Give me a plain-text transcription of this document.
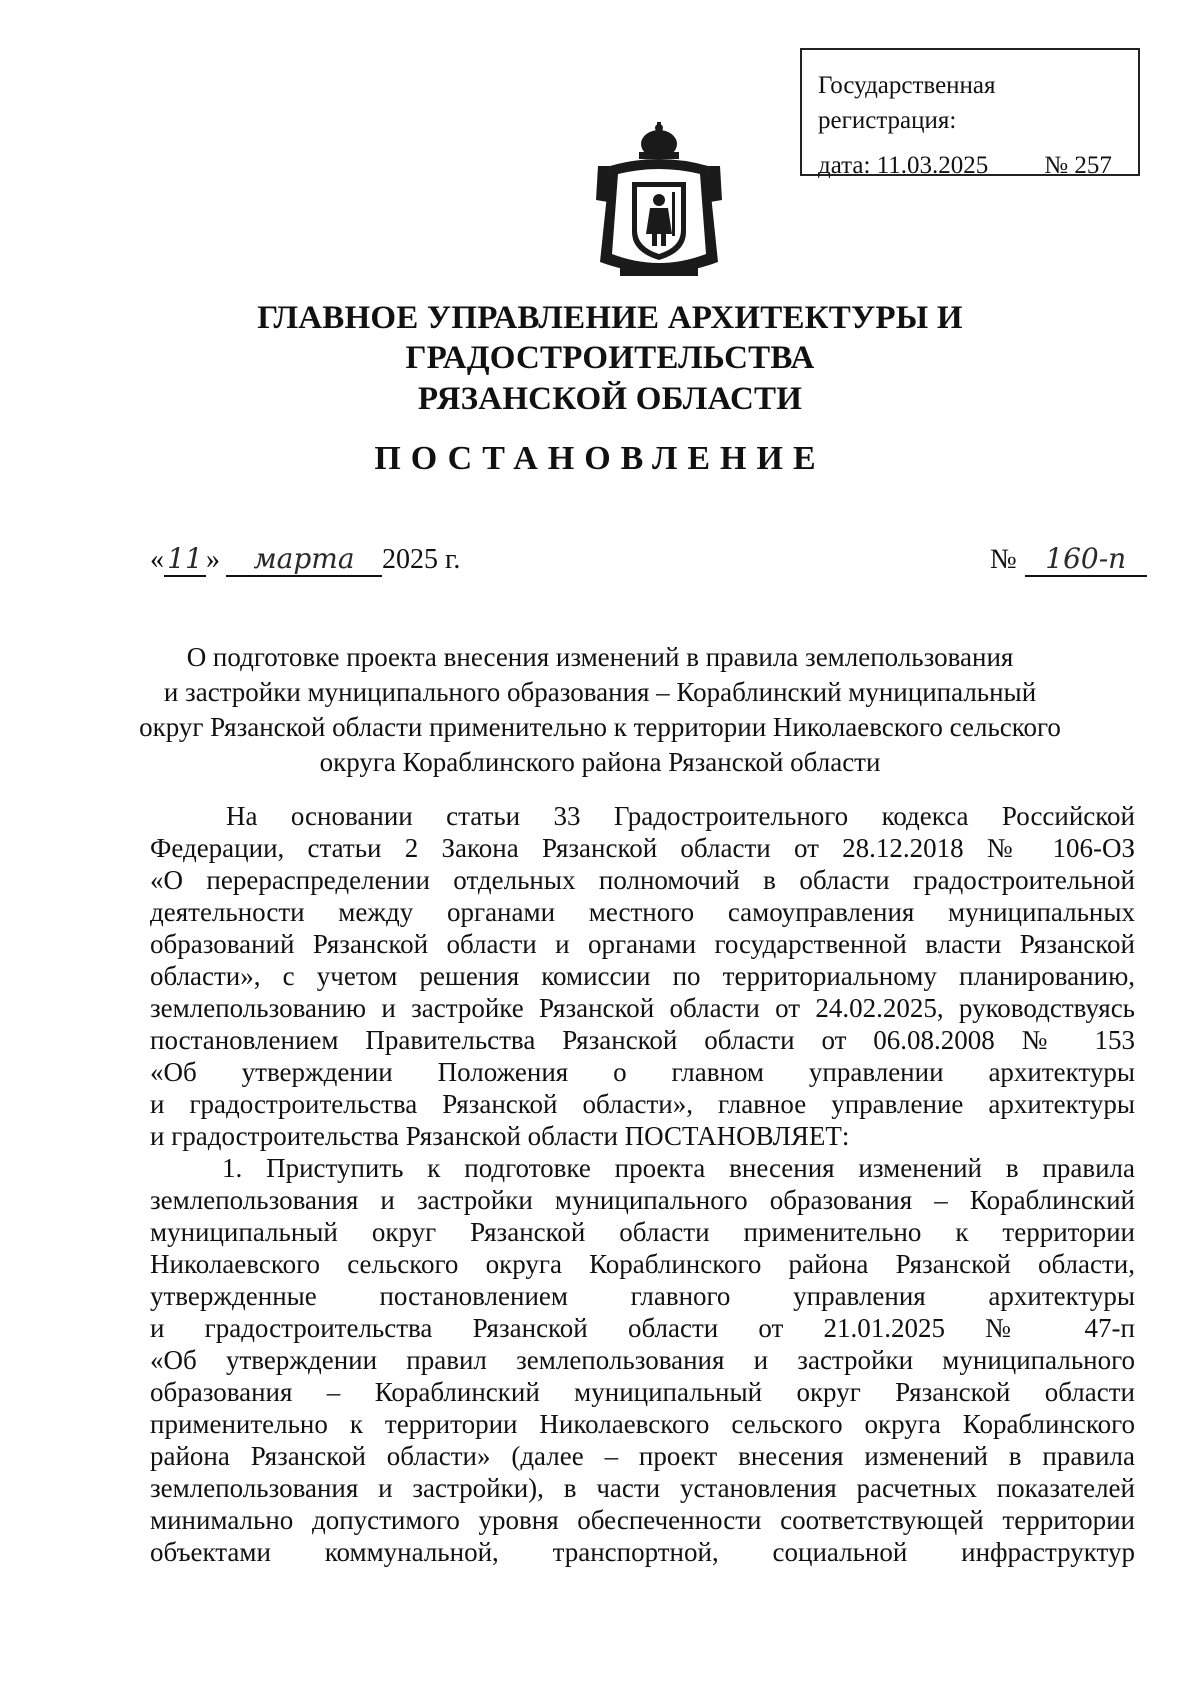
Государственная регистрация:
дата: 11.03.2025 № 257
ГЛАВНОЕ УПРАВЛЕНИЕ АРХИТЕКТУРЫ И ГРАДОСТРОИТЕЛЬСТВА
РЯЗАНСКОЙ ОБЛАСТИ
ПОСТАНОВЛЕНИЕ
« 11 »	марта 2025 г.	№	160-п
О подготовке проекта внесения изменений в правила землепользования
и застройки муниципального образования – Кораблинский муниципальный
округ Рязанской области применительно к территории Николаевского сельского
округа Кораблинского района Рязанской области
На основании статьи 33 Градостроительного кодекса Российской
Федерации, статьи 2 Закона Рязанской области от 28.12.2018 № 106-ОЗ
«О перераспределении отдельных полномочий в области градостроительной
деятельности между органами местного самоуправления муниципальных
образований Рязанской области и органами государственной власти Рязанской
области», с учетом решения комиссии по территориальному планированию,
землепользованию и застройке Рязанской области от 24.02.2025, руководствуясь
постановлением Правительства Рязанской области от 06.08.2008 № 153
«Об утверждении Положения о главном управлении архитектуры
и градостроительства Рязанской области», главное управление архитектуры
и градостроительства Рязанской области ПОСТАНОВЛЯЕТ:
1. Приступить к подготовке проекта внесения изменений в правила
землепользования и застройки муниципального образования – Кораблинский
муниципальный округ Рязанской области применительно к территории
Николаевского сельского округа Кораблинского района Рязанской области,
утвержденные постановлением главного управления архитектуры
и градостроительства Рязанской области от 21.01.2025 № 47-п
«Об утверждении правил землепользования и застройки муниципального
образования – Кораблинский муниципальный округ Рязанской области
применительно к территории Николаевского сельского округа Кораблинского
района Рязанской области» (далее – проект внесения изменений в правила
землепользования и застройки), в части установления расчетных показателей
минимально допустимого уровня обеспеченности соответствующей территории
объектами коммунальной, транспортной, социальной инфраструктур
